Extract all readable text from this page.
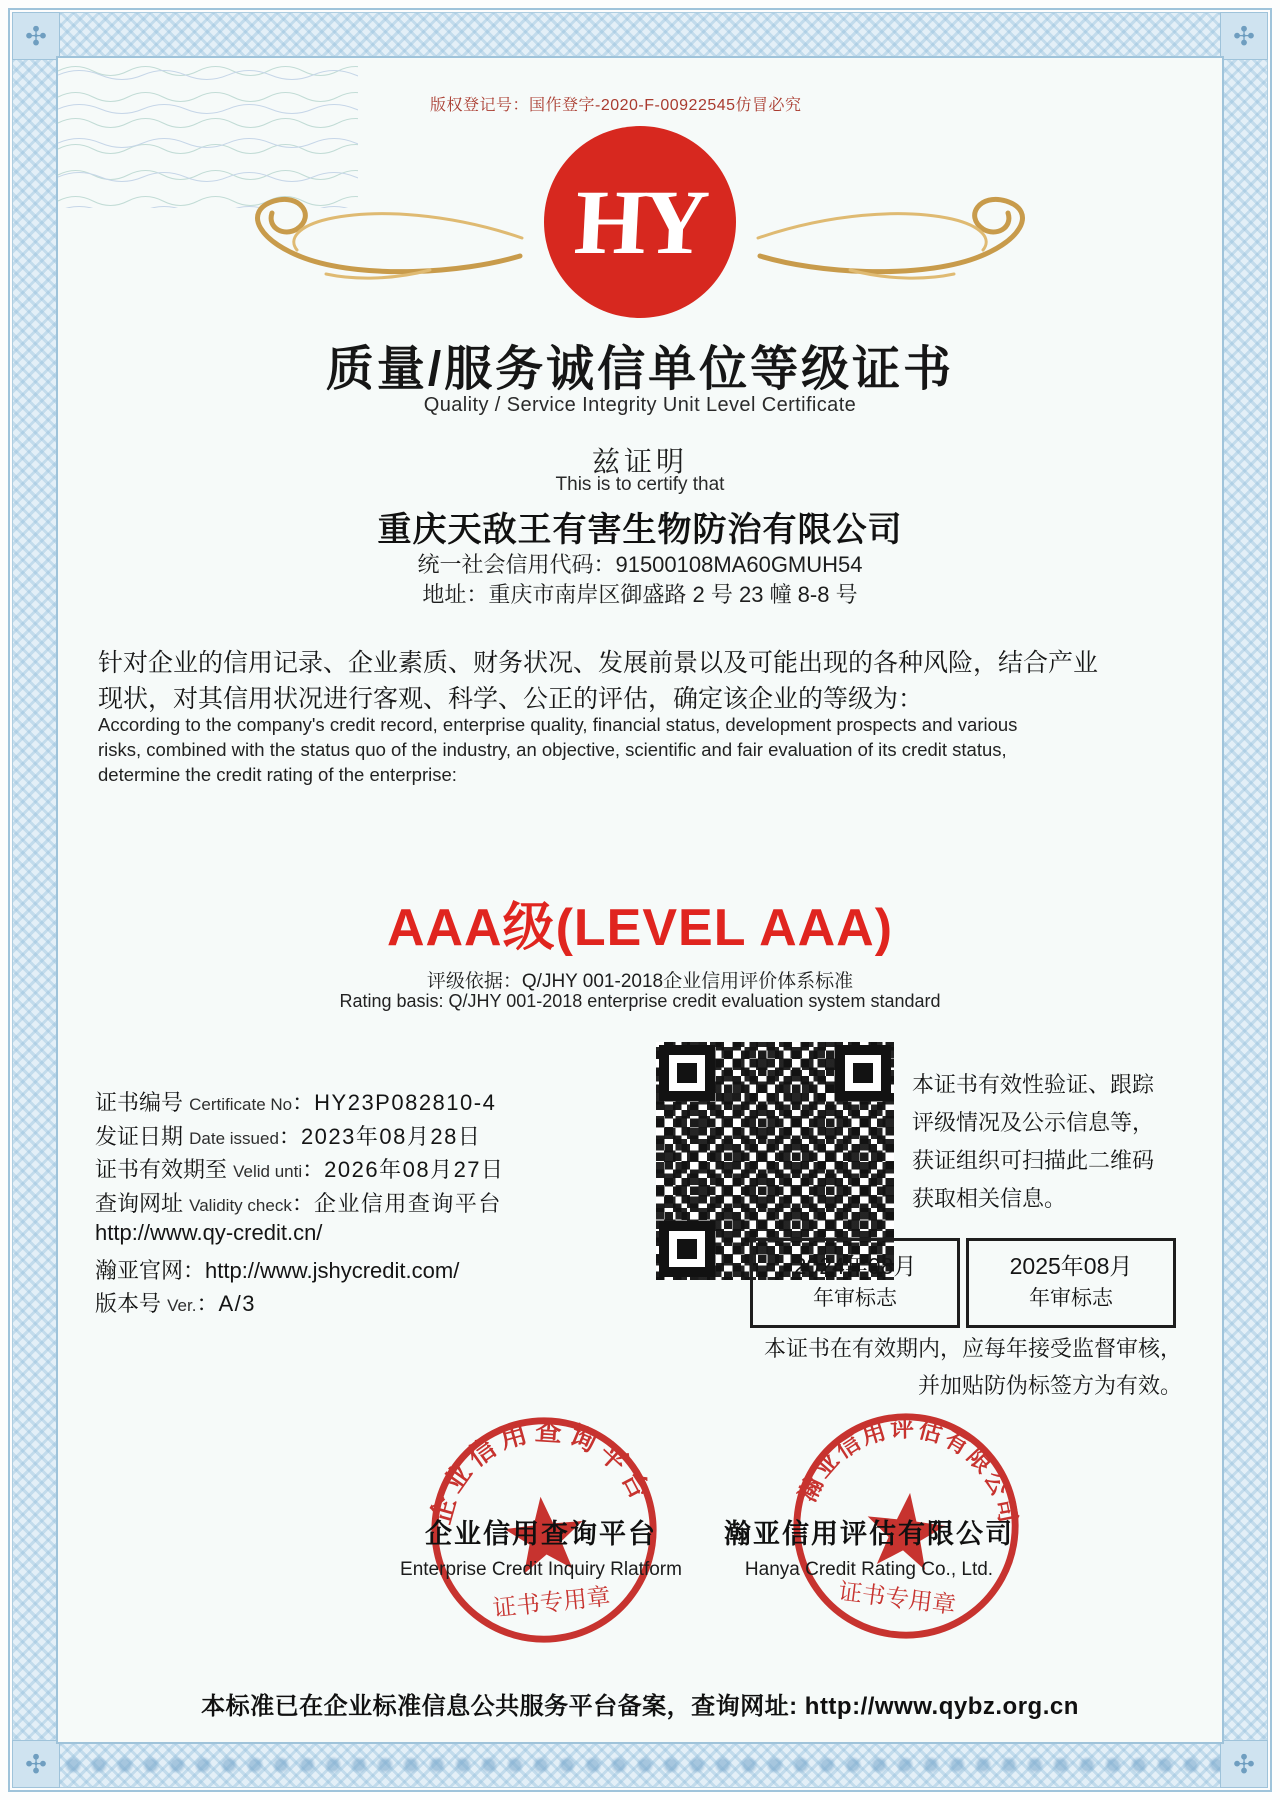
✣	✣
✣	✣
版权登记号：国作登字-2020-F-00922545仿冒必究
HY
质量/服务诚信单位等级证书
Quality / Service Integrity Unit Level Certificate
兹证明
This is to certify that
重庆天敌王有害生物防治有限公司
统一社会信用代码：91500108MA60GMUH54
地址：重庆市南岸区御盛路 2 号 23 幢 8-8 号
针对企业的信用记录、企业素质、财务状况、发展前景以及可能出现的各种风险，结合产业
现状，对其信用状况进行客观、科学、公正的评估，确定该企业的等级为：
According to the company's credit record, enterprise quality, financial status, development prospects and various
risks, combined with the status quo of the industry, an objective, scientific and fair evaluation of its credit status,
determine the credit rating of the enterprise:
AAA级(LEVEL AAA)
评级依据：Q/JHY 001-2018企业信用评价体系标准
Rating basis: Q/JHY 001-2018 enterprise credit evaluation system standard
证书编号 Certificate No：HY23P082810-4
发证日期 Date issued：2023年08月28日
证书有效期至 Velid unti：2026年08月27日
查询网址 Validity check：企业信用查询平台
http://www.qy-credit.cn/
瀚亚官网：http://www.jshycredit.com/
版本号 Ver.：A/3
本证书有效性验证、跟踪
评级情况及公示信息等，
获证组织可扫描此二维码
获取相关信息。
2024年08月
年审标志
2025年08月
年审标志
本证书在有效期内，应每年接受监督审核，
并加贴防伪标签方为有效。
企业信用查询平台
证书专用章
瀚亚信用评估有限公司
证书专用章
企业信用查询平台
Enterprise Credit Inquiry Rlatform
瀚亚信用评估有限公司
Hanya Credit Rating Co., Ltd.
本标准已在企业标准信息公共服务平台备案，查询网址: http://www.qybz.org.cn
